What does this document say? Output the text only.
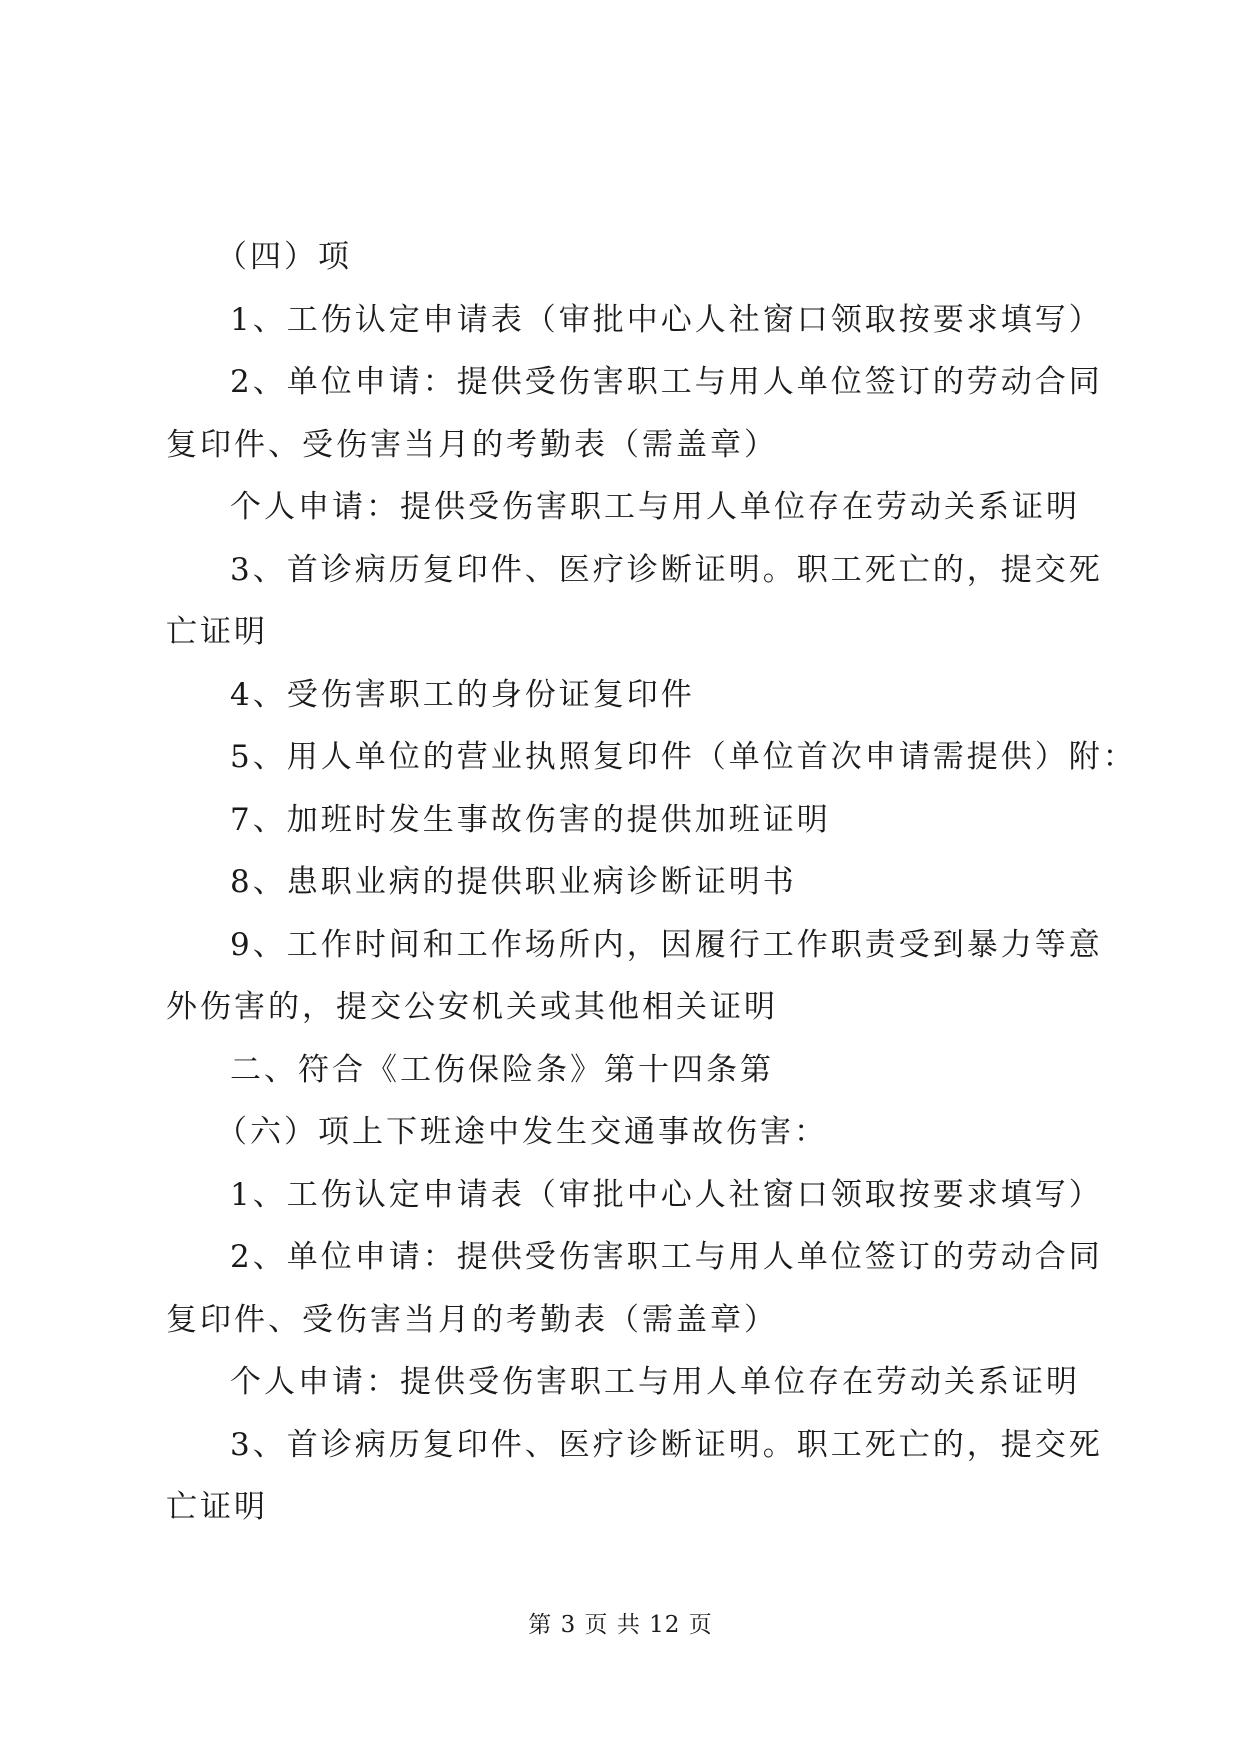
（四）项
1、工伤认定申请表（审批中心人社窗口领取按要求填写）
2、单位申请：提供受伤害职工与用人单位签订的劳动合同
复印件、受伤害当月的考勤表（需盖章）
个人申请：提供受伤害职工与用人单位存在劳动关系证明
3、首诊病历复印件、医疗诊断证明。职工死亡的，提交死
亡证明
4、受伤害职工的身份证复印件
5、用人单位的营业执照复印件（单位首次申请需提供）附：
7、加班时发生事故伤害的提供加班证明
8、患职业病的提供职业病诊断证明书
9、工作时间和工作场所内，因履行工作职责受到暴力等意
外伤害的，提交公安机关或其他相关证明
二、符合《工伤保险条》第十四条第
（六）项上下班途中发生交通事故伤害：
1、工伤认定申请表（审批中心人社窗口领取按要求填写）
2、单位申请：提供受伤害职工与用人单位签订的劳动合同
复印件、受伤害当月的考勤表（需盖章）
个人申请：提供受伤害职工与用人单位存在劳动关系证明
3、首诊病历复印件、医疗诊断证明。职工死亡的，提交死
亡证明
第 3 页 共 12 页
